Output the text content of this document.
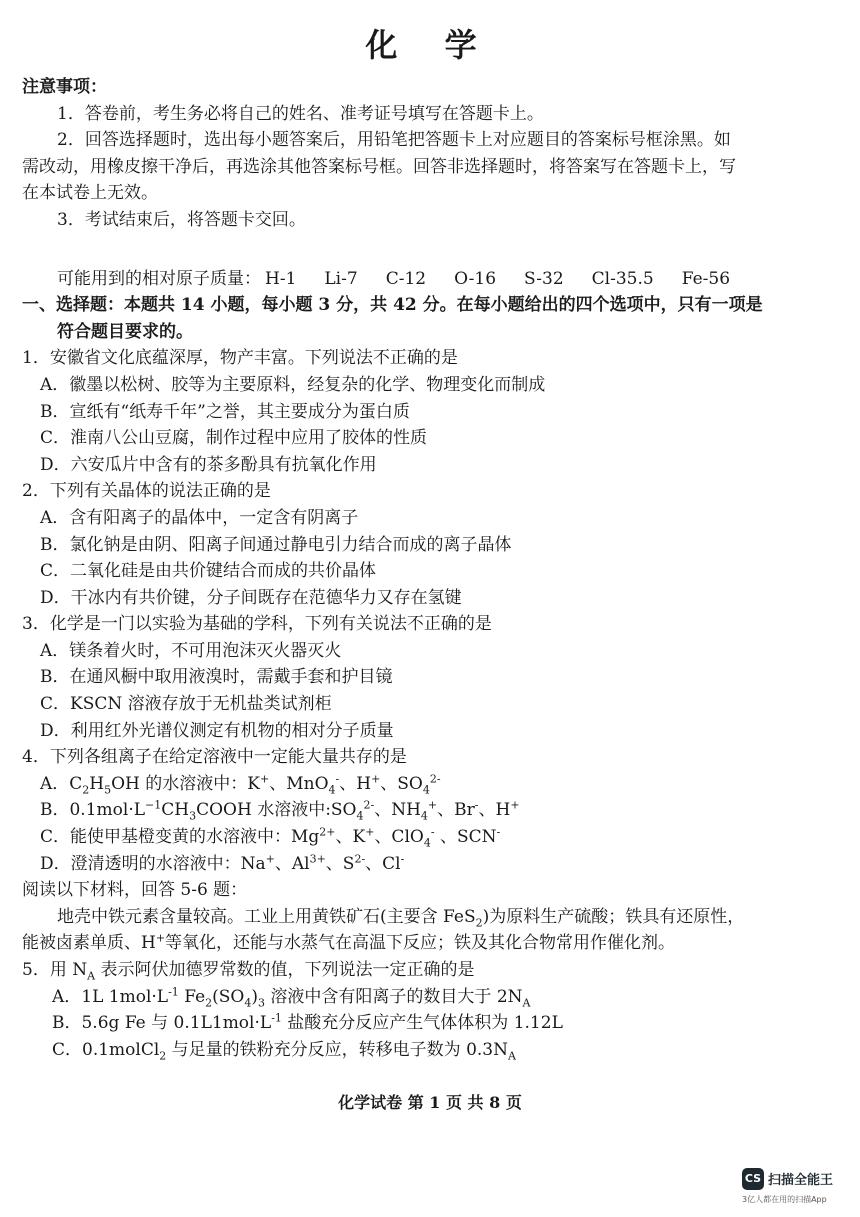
化 学
注意事项：
1．答卷前，考生务必将自己的姓名、准考证号填写在答题卡上。
2．回答选择题时，选出每小题答案后，用铅笔把答题卡上对应题目的答案标号框涂黑。如
需改动，用橡皮擦干净后，再选涂其他答案标号框。回答非选择题时，将答案写在答题卡上，写
在本试卷上无效。
3．考试结束后，将答题卡交回。
可能用到的相对原子质量： H-1 Li-7 C-12 O-16 S-32 Cl-35.5 Fe-56
一、选择题：本题共 14 小题，每小题 3 分，共 42 分。在每小题给出的四个选项中，只有一项是
符合题目要求的。
1．安徽省文化底蕴深厚，物产丰富。下列说法不正确的是
A．徽墨以松树、胶等为主要原料，经复杂的化学、物理变化而制成
B．宣纸有“纸寿千年”之誉，其主要成分为蛋白质
C．淮南八公山豆腐，制作过程中应用了胶体的性质
D．六安瓜片中含有的茶多酚具有抗氧化作用
2．下列有关晶体的说法正确的是
A．含有阳离子的晶体中，一定含有阴离子
B．氯化钠是由阴、阳离子间通过静电引力结合而成的离子晶体
C．二氧化硅是由共价键结合而成的共价晶体
D．干冰内有共价键，分子间既存在范德华力又存在氢键
3．化学是一门以实验为基础的学科，下列有关说法不正确的是
A．镁条着火时，不可用泡沫灭火器灭火
B．在通风橱中取用液溴时，需戴手套和护目镜
C．KSCN 溶液存放于无机盐类试剂柜
D．利用红外光谱仪测定有机物的相对分子质量
4．下列各组离子在给定溶液中一定能大量共存的是
A．$C_2H_5OH$ 的水溶液中：K+、MnO$_4$-、H+、$SO_4^{2-}$
B．$0.1mol\cdot L^{-1}CH_3COOH$ 水溶液中$:SO_4^{2-}$、$NH_4^+$、Br-、H+
C．能使甲基橙变黄的水溶液中：$Mg^{2+}$、K+、ClO$_4$- 、SCN-
D．澄清透明的水溶液中：Na+、$Al^{3+}$、$S^{2-}$、Cl-
阅读以下材料，回答 5-6 题：
地壳中铁元素含量较高。工业上用黄铁矿石(主要含 FeS$_2$)为原料生产硫酸；铁具有还原性，
能被卤素单质、H+等氧化，还能与水蒸气在高温下反应；铁及其化合物常用作催化剂。
5．用 $N_A$ 表示阿伏加德罗常数的值，下列说法一定正确的是
A．1L $1mol\cdot L^{-1}$ $Fe_2(SO_4)_3$ 溶液中含有阳离子的数目大于 $2N_A$
B．5.6g Fe 与 $0.1L1mol\cdot L^{-1}$ 盐酸充分反应产生气体体积为 1.12L
C．0.1molCl$_2$ 与足量的铁粉充分反应，转移电子数为 $0.3N_A$
化学试卷 第 1 页 共 8 页
CS 扫描全能王
3亿人都在用的扫描App
